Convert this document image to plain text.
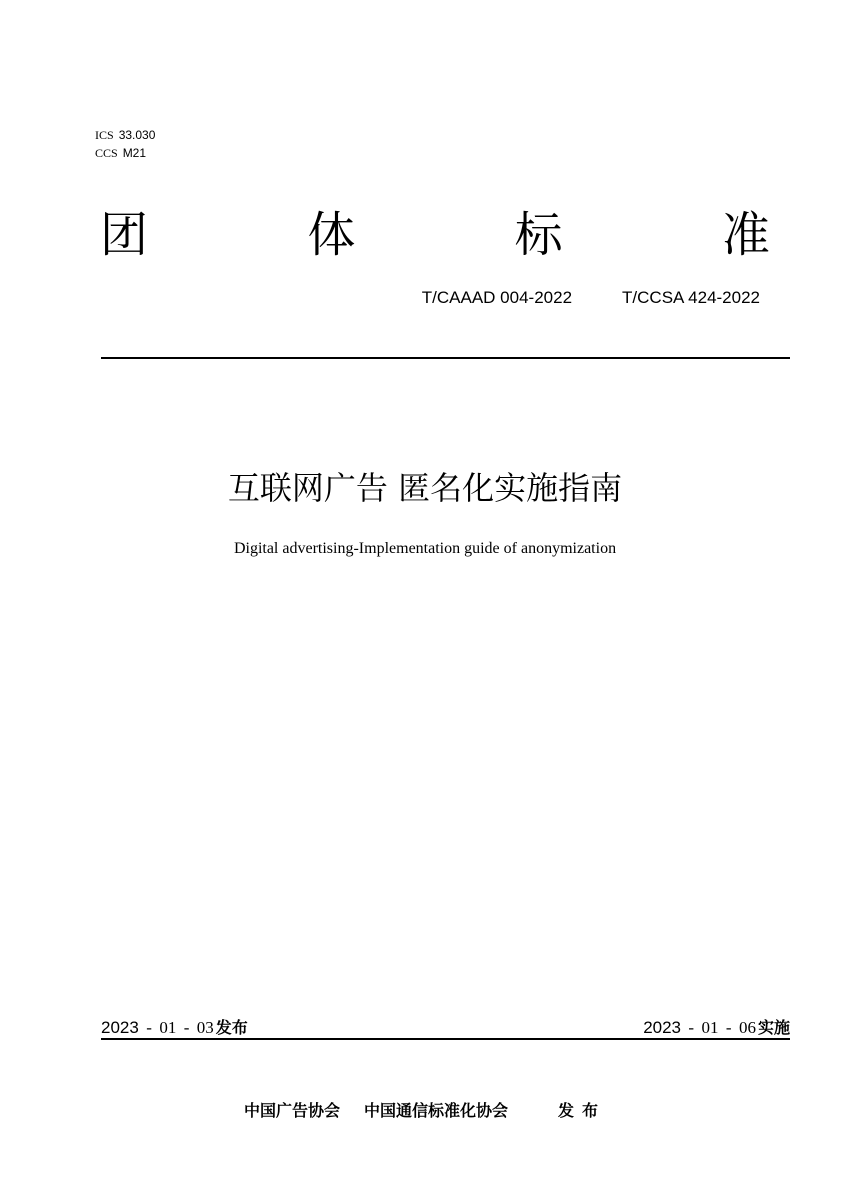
ICS 33.030
CCS M21
团	体	标	准
T/CAAAD 004-2022	T/CCSA 424-2022
互联网广告 匿名化实施指南
Digital advertising-Implementation guide of anonymization
2023 - 01 - 03 发布	2023 - 01 - 06 实施
中国广告协会 中国通信标准化协会	发布
